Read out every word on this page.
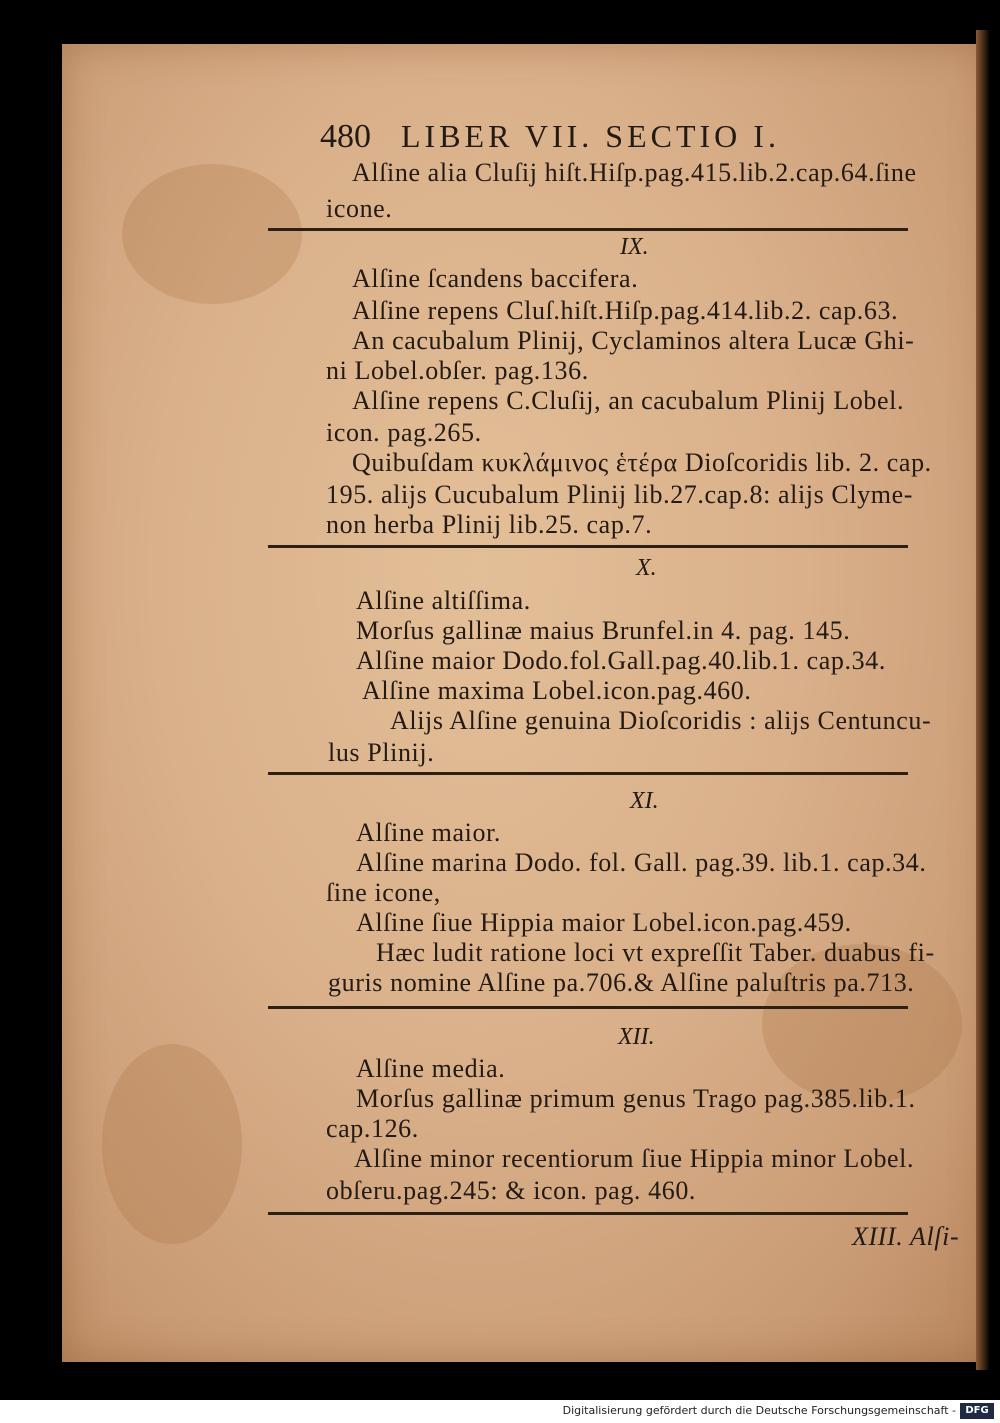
480 LIBER VII. SECTIO I.
Alſine alia Cluſij hiſt.Hiſp.pag.415.lib.2.cap.64.ſine
icone.
IX.
Alſine ſcandens baccifera.
Alſine repens Cluſ.hiſt.Hiſp.pag.414.lib.2. cap.63.
An cacubalum Plinij, Cyclaminos altera Lucæ Ghi-
ni Lobel.obſer. pag.136.
Alſine repens C.Cluſij, an cacubalum Plinij Lobel.
icon. pag.265.
Quibuſdam κυκλάμινος ἑτέρα Dioſcoridis lib. 2. cap.
195. alijs Cucubalum Plinij lib.27.cap.8: alijs Clyme-
non herba Plinij lib.25. cap.7.
X.
Alſine altiſſima.
Morſus gallinæ maius Brunfel.in 4. pag. 145.
Alſine maior Dodo.fol.Gall.pag.40.lib.1. cap.34.
Alſine maxima Lobel.icon.pag.460.
Alijs Alſine genuina Dioſcoridis : alijs Centuncu-
lus Plinij.
XI.
Alſine maior.
Alſine marina Dodo. fol. Gall. pag.39. lib.1. cap.34.
ſine icone,
Alſine ſiue Hippia maior Lobel.icon.pag.459.
Hæc ludit ratione loci vt expreſſit Taber. duabus fi-
guris nomine Alſine pa.706.& Alſine paluſtris pa.713.
XII.
Alſine media.
Morſus gallinæ primum genus Trago pag.385.lib.1.
cap.126.
Alſine minor recentiorum ſiue Hippia minor Lobel.
obſeru.pag.245: & icon. pag. 460.
XIII. Alſi-
Digitalisierung gefördert durch die Deutsche Forschungsgemeinschaft - DFG
